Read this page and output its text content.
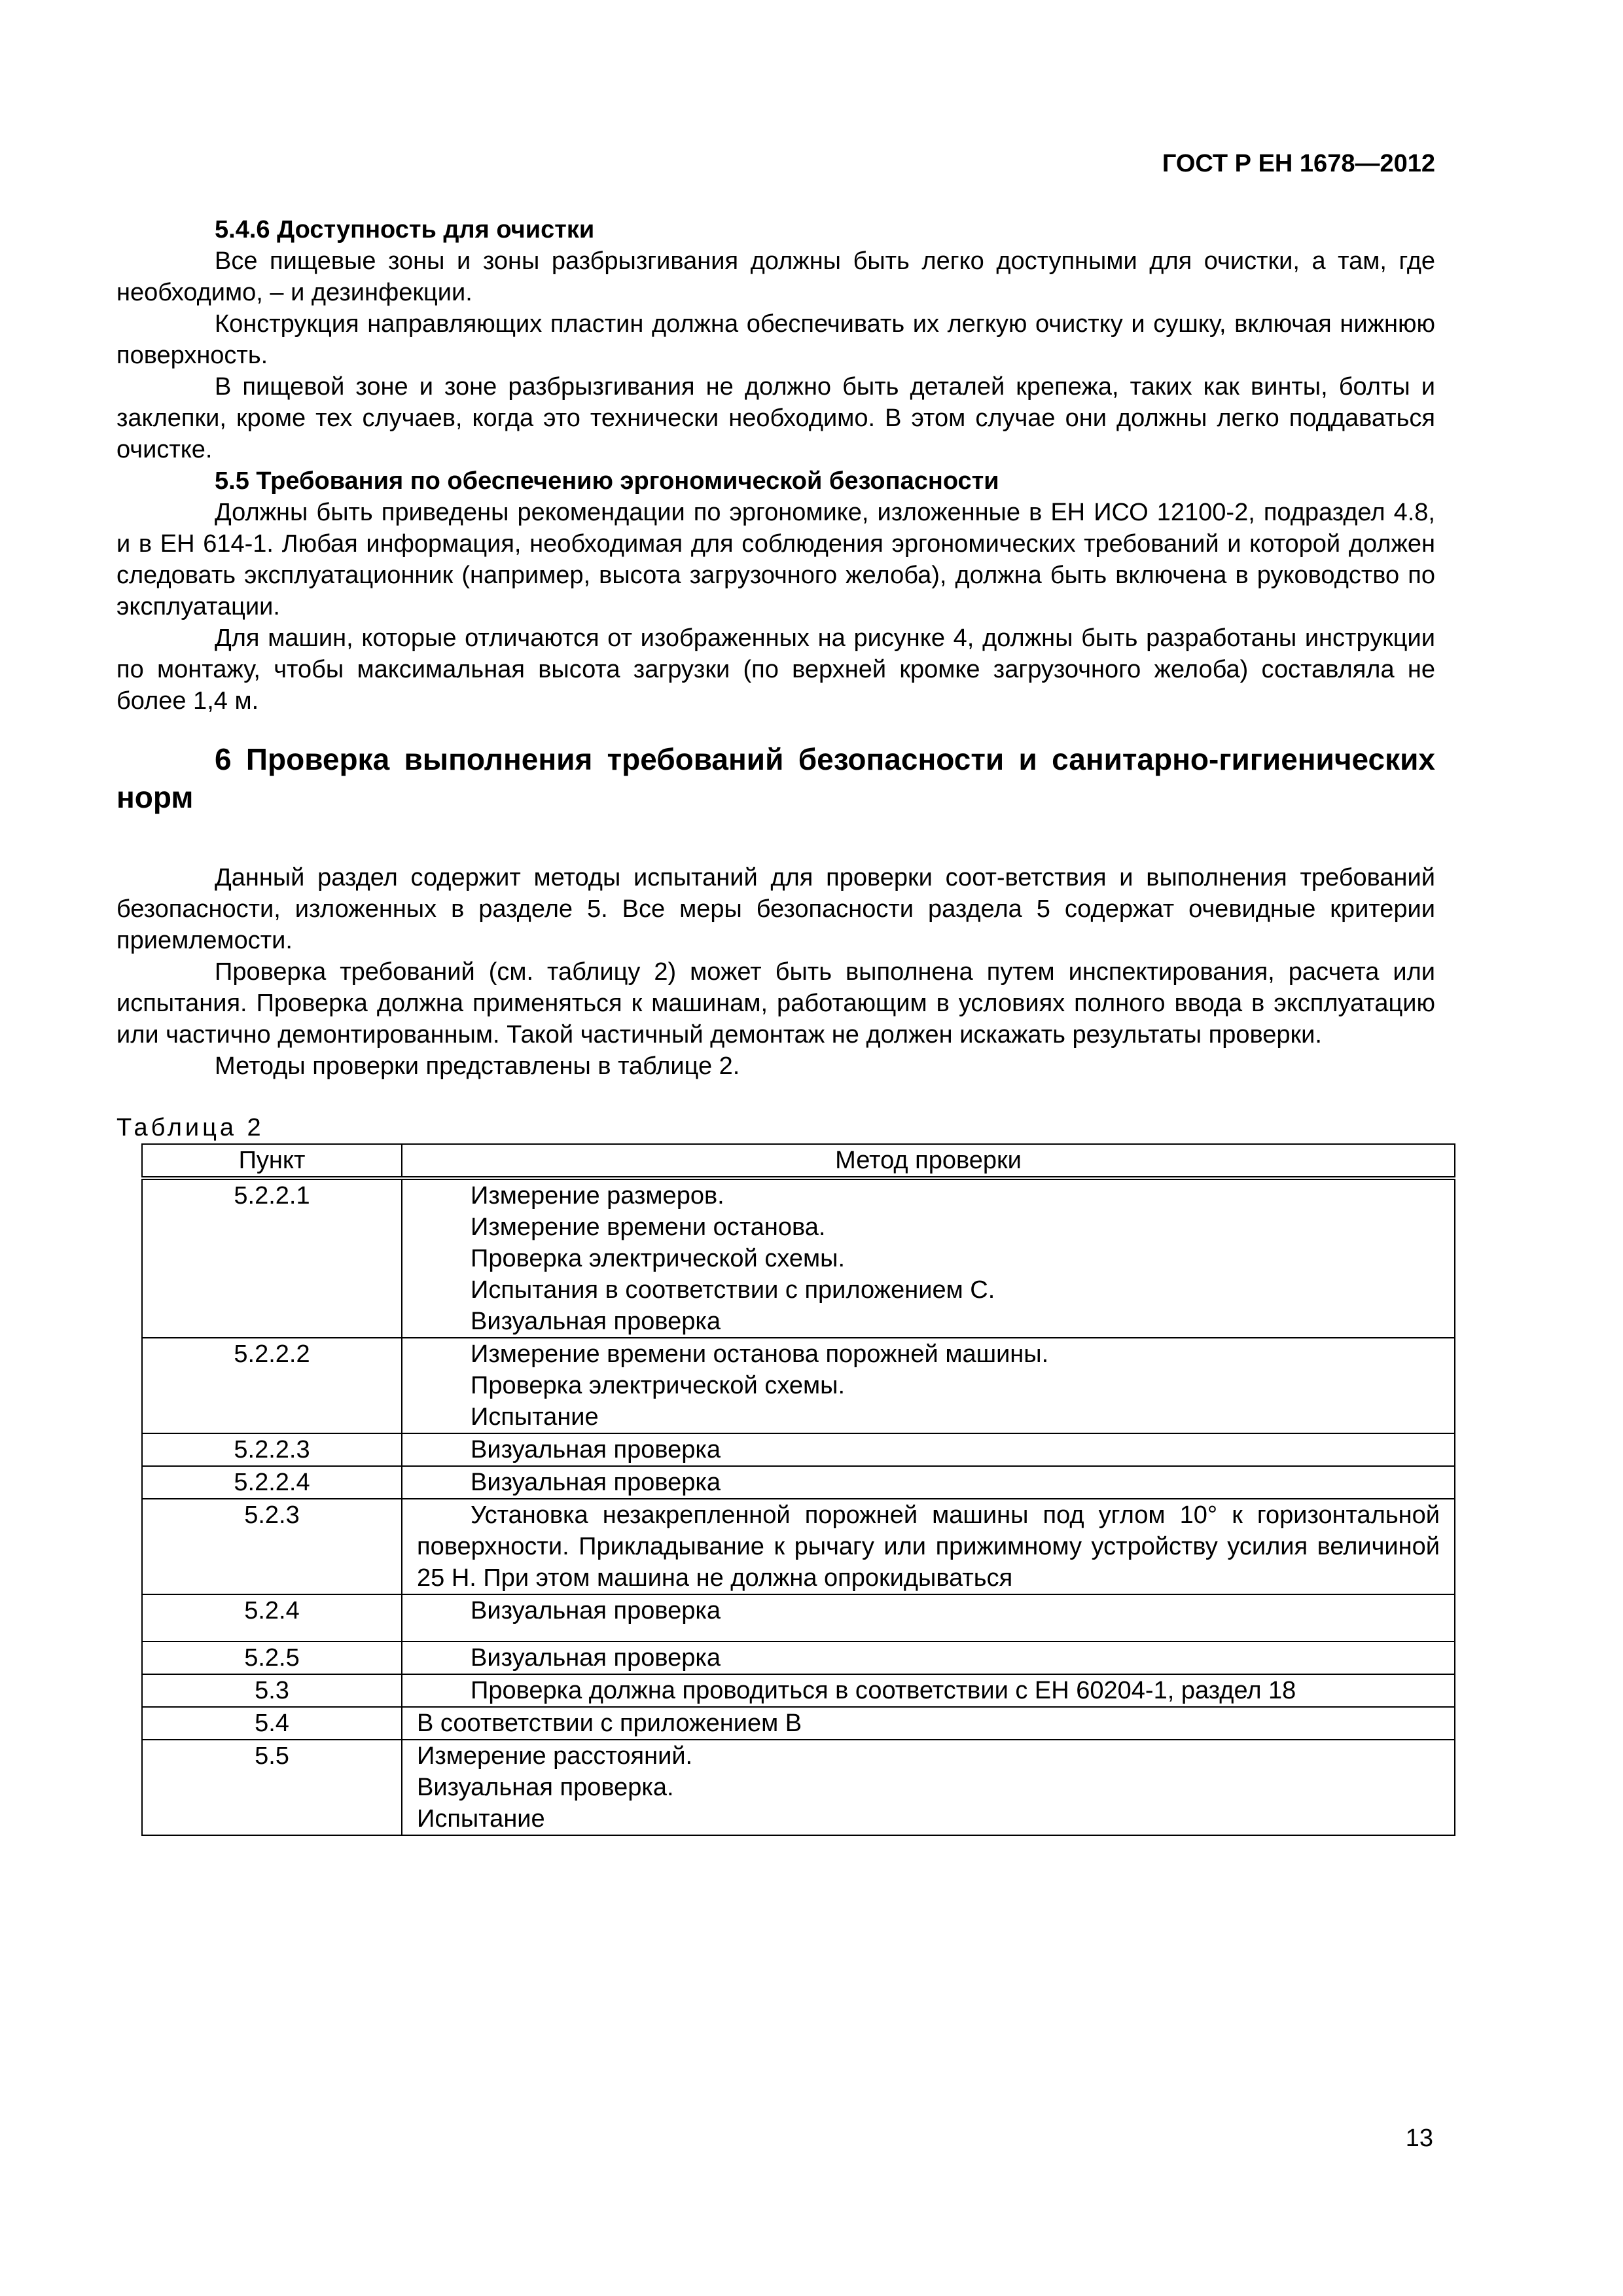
ГОСТ Р ЕН 1678—2012

5.4.6 Доступность для очистки

Все пищевые зоны и зоны разбрызгивания должны быть легко доступными для очистки, а там, где необходимо, – и дезинфекции.

Конструкция направляющих пластин должна обеспечивать их легкую очистку и сушку, включая нижнюю поверхность.

В пищевой зоне и зоне разбрызгивания не должно быть деталей крепежа, таких как винты, болты и заклепки, кроме тех случаев, когда это технически необходимо. В этом случае они должны легко поддаваться очистке.

5.5 Требования по обеспечению эргономической безопасности

Должны быть приведены рекомендации по эргономике, изложенные в ЕН ИСО 12100-2, подраздел 4.8, и в ЕН 614-1. Любая информация, необходимая для соблюдения эргономических требований и которой должен следовать эксплуатационник (например, высота загрузочного желоба), должна быть включена в руководство по эксплуатации.

Для машин, которые отличаются от изображенных на рисунке 4, должны быть разработаны инструкции по монтажу, чтобы максимальная высота загрузки (по верхней кромке загрузочного желоба) составляла не более 1,4 м.

6 Проверка выполнения требований безопасности и санитарно-гигиенических норм

Данный раздел содержит методы испытаний для проверки соот-ветствия и выполнения требований безопасности, изложенных в разделе 5. Все меры безопасности раздела 5 содержат очевидные критерии приемлемости.

Проверка требований (см. таблицу 2) может быть выполнена путем инспектирования, расчета или испытания. Проверка должна применяться к машинам, работающим в условиях полного ввода в эксплуатацию или частично демонтированным. Такой частичный демонтаж не должен искажать результаты проверки.

Методы проверки представлены в таблице 2.

Таблица 2
Пункт	Метод проверки
5.2.2.1	Измерение размеров.
Измерение времени останова.
Проверка электрической схемы.
Испытания в соответствии с приложением С.
Визуальная проверка

5.2.2.2	Измерение времени останова порожней машины.
Проверка электрической схемы.
Испытание

5.2.2.3	Визуальная проверка

5.2.2.4	Визуальная проверка

5.2.3	Установка незакрепленной порожней машины под углом 10° к горизонтальной поверхности. Прикладывание к рычагу или прижимному устройству усилия величиной 25 Н. При этом машина не должна опрокидываться

5.2.4	Визуальная проверка

5.2.5	Визуальная проверка

5.3	Проверка должна проводиться в соответствии с ЕН 60204-1, раздел 18

5.4	В соответствии с приложением В

5.5	Измерение расстояний.
Визуальная проверка.
Испытание
13
